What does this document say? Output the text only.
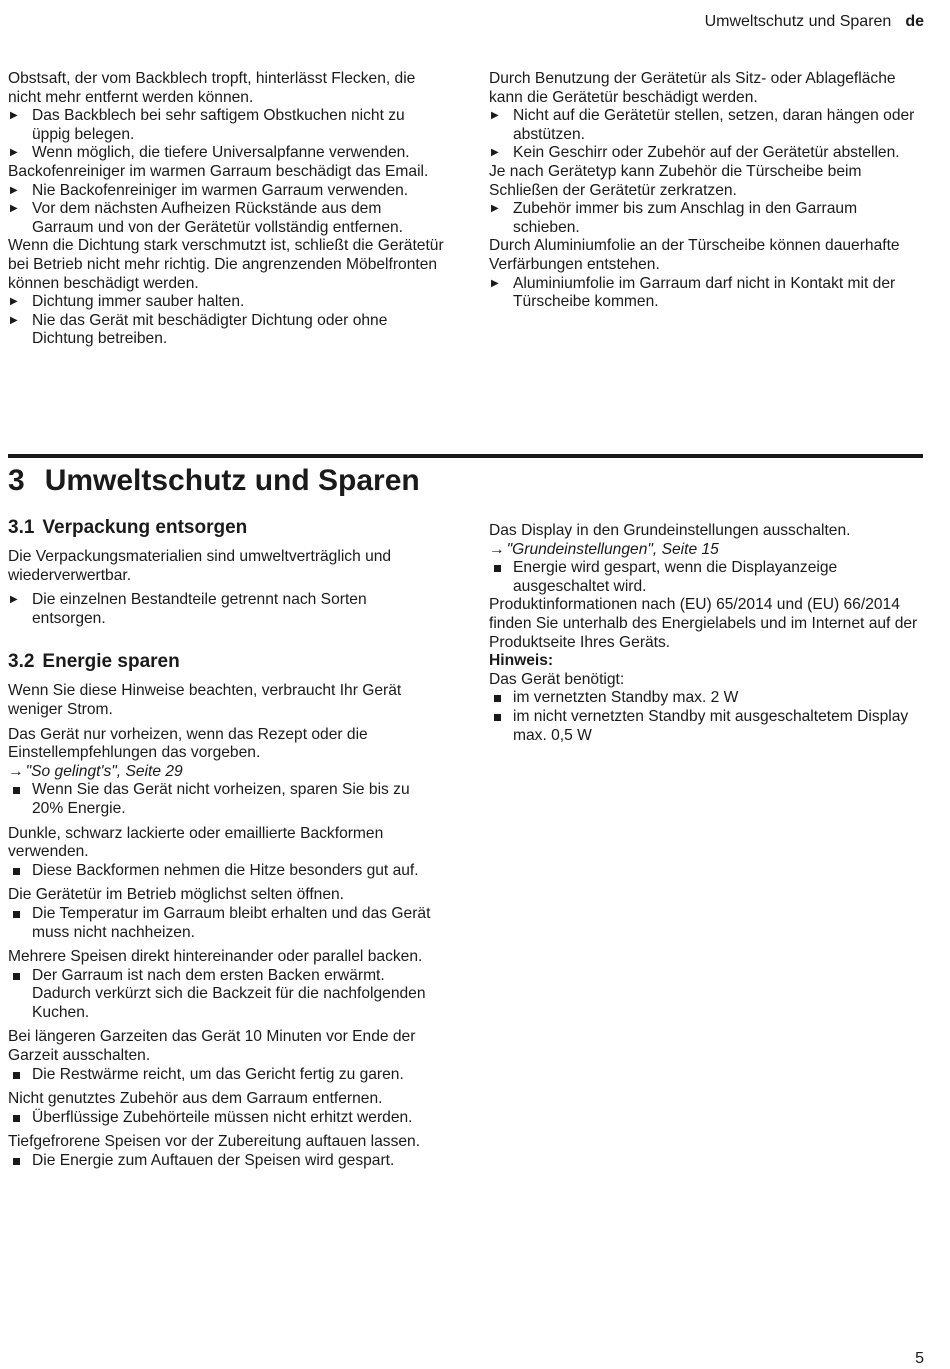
Umweltschutz und Sparen de

Obstsaft, der vom Backblech tropft, hinterlässt Flecken, die nicht mehr entfernt werden können.

▶ Das Backblech bei sehr saftigem Obstkuchen nicht zu üppig belegen.
▶ Wenn möglich, die tiefere Universalpfanne verwenden.

Backofenreiniger im warmen Garraum beschädigt das Email.

▶ Nie Backofenreiniger im warmen Garraum verwenden.
▶ Vor dem nächsten Aufheizen Rückstände aus dem Garraum und von der Gerätetür vollständig entfernen.

Wenn die Dichtung stark verschmutzt ist, schließt die Gerätetür bei Betrieb nicht mehr richtig. Die angrenzenden Möbelfronten können beschädigt werden.

▶ Dichtung immer sauber halten.
▶ Nie das Gerät mit beschädigter Dichtung oder ohne Dichtung betreiben.

Durch Benutzung der Gerätetür als Sitz- oder Ablagefläche kann die Gerätetür beschädigt werden.

▶ Nicht auf die Gerätetür stellen, setzen, daran hängen oder abstützen.
▶ Kein Geschirr oder Zubehör auf der Gerätetür abstellen.

Je nach Gerätetyp kann Zubehör die Türscheibe beim Schließen der Gerätetür zerkratzen.

▶ Zubehör immer bis zum Anschlag in den Garraum schieben.

Durch Aluminiumfolie an der Türscheibe können dauerhafte Verfärbungen entstehen.

▶ Aluminiumfolie im Garraum darf nicht in Kontakt mit der Türscheibe kommen.
3 Umweltschutz und Sparen
3.1 Verpackung entsorgen

Die Verpackungsmaterialien sind umweltverträglich und wiederverwertbar.

▶ Die einzelnen Bestandteile getrennt nach Sorten entsorgen.
3.2 Energie sparen

Wenn Sie diese Hinweise beachten, verbraucht Ihr Gerät weniger Strom.

Das Gerät nur vorheizen, wenn das Rezept oder die Einstellempfehlungen das vorgeben.

→ "So gelingt's", Seite 29

Wenn Sie das Gerät nicht vorheizen, sparen Sie bis zu 20% Energie.

Dunkle, schwarz lackierte oder emaillierte Backformen verwenden.

Diese Backformen nehmen die Hitze besonders gut auf.

Die Gerätetür im Betrieb möglichst selten öffnen.

Die Temperatur im Garraum bleibt erhalten und das Gerät muss nicht nachheizen.

Mehrere Speisen direkt hintereinander oder parallel backen.

Der Garraum ist nach dem ersten Backen erwärmt. Dadurch verkürzt sich die Backzeit für die nachfolgenden Kuchen.

Bei längeren Garzeiten das Gerät 10 Minuten vor Ende der Garzeit ausschalten.

Die Restwärme reicht, um das Gericht fertig zu garen.

Nicht genutztes Zubehör aus dem Garraum entfernen.

Überflüssige Zubehörteile müssen nicht erhitzt werden.

Tiefgefrorene Speisen vor der Zubereitung auftauen lassen.

Die Energie zum Auftauen der Speisen wird gespart.

Das Display in den Grundeinstellungen ausschalten.

→ "Grundeinstellungen", Seite 15

Energie wird gespart, wenn die Displayanzeige ausgeschaltet wird.

Produktinformationen nach (EU) 65/2014 und (EU) 66/2014 finden Sie unterhalb des Energielabels und im Internet auf der Produktseite Ihres Geräts.

Hinweis:

Das Gerät benötigt:

im vernetzten Standby max. 2 W
im nicht vernetzten Standby mit ausgeschaltetem Display max. 0,5 W
5
